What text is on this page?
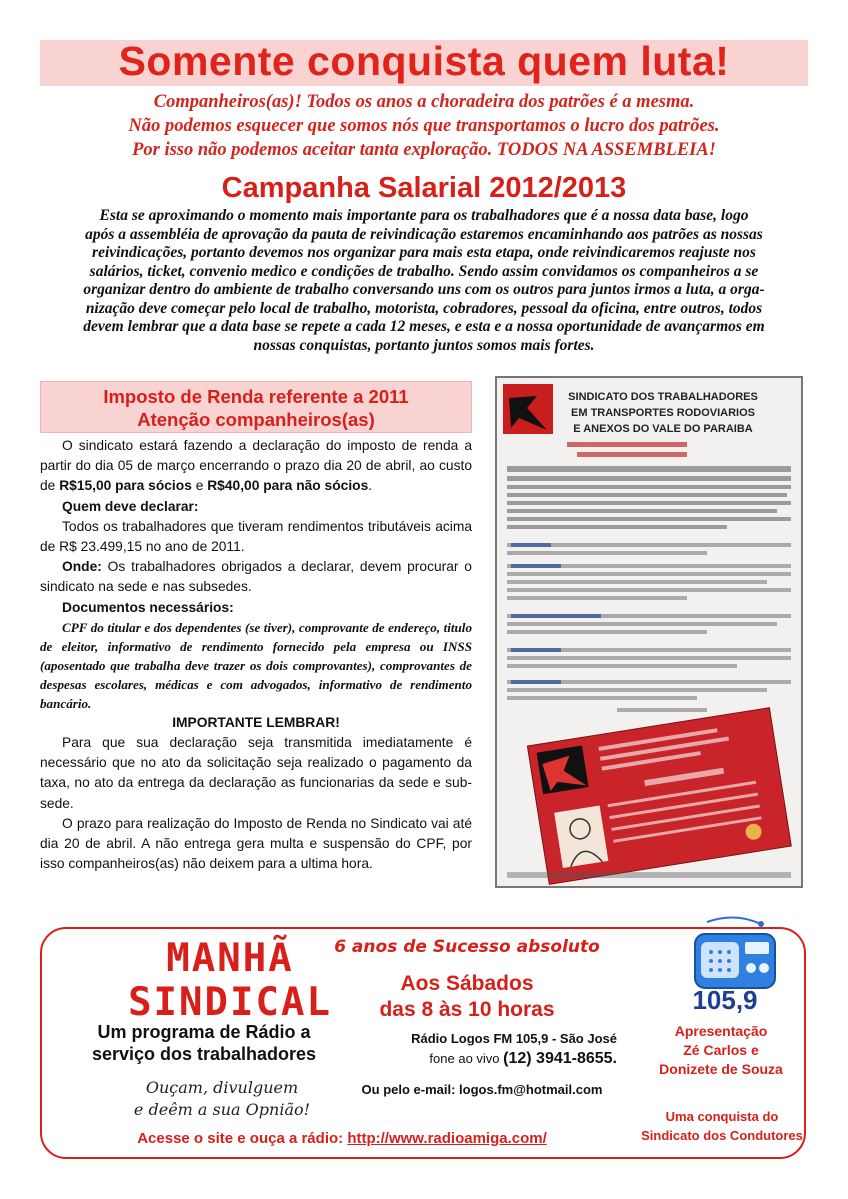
Somente conquista quem luta!
Companheiros(as)! Todos os anos a choradeira dos patrões é a mesma.
Não podemos esquecer que somos nós que transportamos o lucro dos patrões.
Por isso não podemos aceitar tanta exploração. TODOS NA ASSEMBLEIA!
Campanha Salarial 2012/2013
Esta se aproximando o momento mais importante para os trabalhadores que é a nossa data base, logo
após a assembléia de aprovação da pauta de reivindicação estaremos encaminhando aos patrões as nossas
reivindicações, portanto devemos nos organizar para mais esta etapa, onde reivindicaremos reajuste nos
salários, ticket, convenio medico e condições de trabalho. Sendo assim convidamos os companheiros a se
organizar dentro do ambiente de trabalho conversando uns com os outros para juntos irmos a luta, a orga-
nização deve começar pelo local de trabalho, motorista, cobradores, pessoal da oficina, entre outros, todos
devem lembrar que a data base se repete a cada 12 meses, e esta e a nossa oportunidade de avançarmos em
nossas conquistas, portanto juntos somos mais fortes.
Imposto de Renda referente a 2011
Atenção companheiros(as)

O sindicato estará fazendo a declaração do imposto de renda a partir do dia 05 de março encerrando o prazo dia 20 de abril, ao custo de R$15,00 para sócios e R$40,00 para não sócios.

Quem deve declarar:

Todos os trabalhadores que tiveram rendimentos tributáveis acima de R$ 23.499,15 no ano de 2011.

Onde: Os trabalhadores obrigados a declarar, devem procurar o sindicato na sede e nas subsedes.

Documentos necessários:

CPF do titular e dos dependentes (se tiver), comprovante de endereço, titulo de eleitor, informativo de rendimento fornecido pela empresa ou INSS (aposentado que trabalha deve trazer os dois comprovantes), comprovantes de despesas escolares, médicas e com advogados, informativo de rendimento bancário.

IMPORTANTE LEMBRAR!

Para que sua declaração seja transmitida imediatamente é necessário que no ato da solicitação seja realizado o pagamento da taxa, no ato da entrega da declaração as funcionarias da sede e sub-sede.

O prazo para realização do Imposto de Renda no Sindicato vai até dia 20 de abril. A não entrega gera multa e suspensão do CPF, por isso companheiros(as) não deixem para a ultima hora.

SINDICATO DOS TRABALHADORES
EM TRANSPORTES RODOVIARIOS
E ANEXOS DO VALE DO PARAIBA
MANHÃ
SINDICAL
Um programa de Rádio a
serviço dos trabalhadores
Ouçam, divulguem
e deêm a sua Opnião!
6 anos de Sucesso absoluto
Aos Sábados
das 8 às 10 horas
Rádio Logos FM 105,9 - São José
fone ao vivo (12) 3941-8655.
Ou pelo e-mail: logos.fm@hotmail.com
Acesse o site e ouça a rádio: http://www.radioamiga.com/
105,9
Apresentação
Zé Carlos e
Donizete de Souza
Uma conquista do
Sindicato dos Condutores
